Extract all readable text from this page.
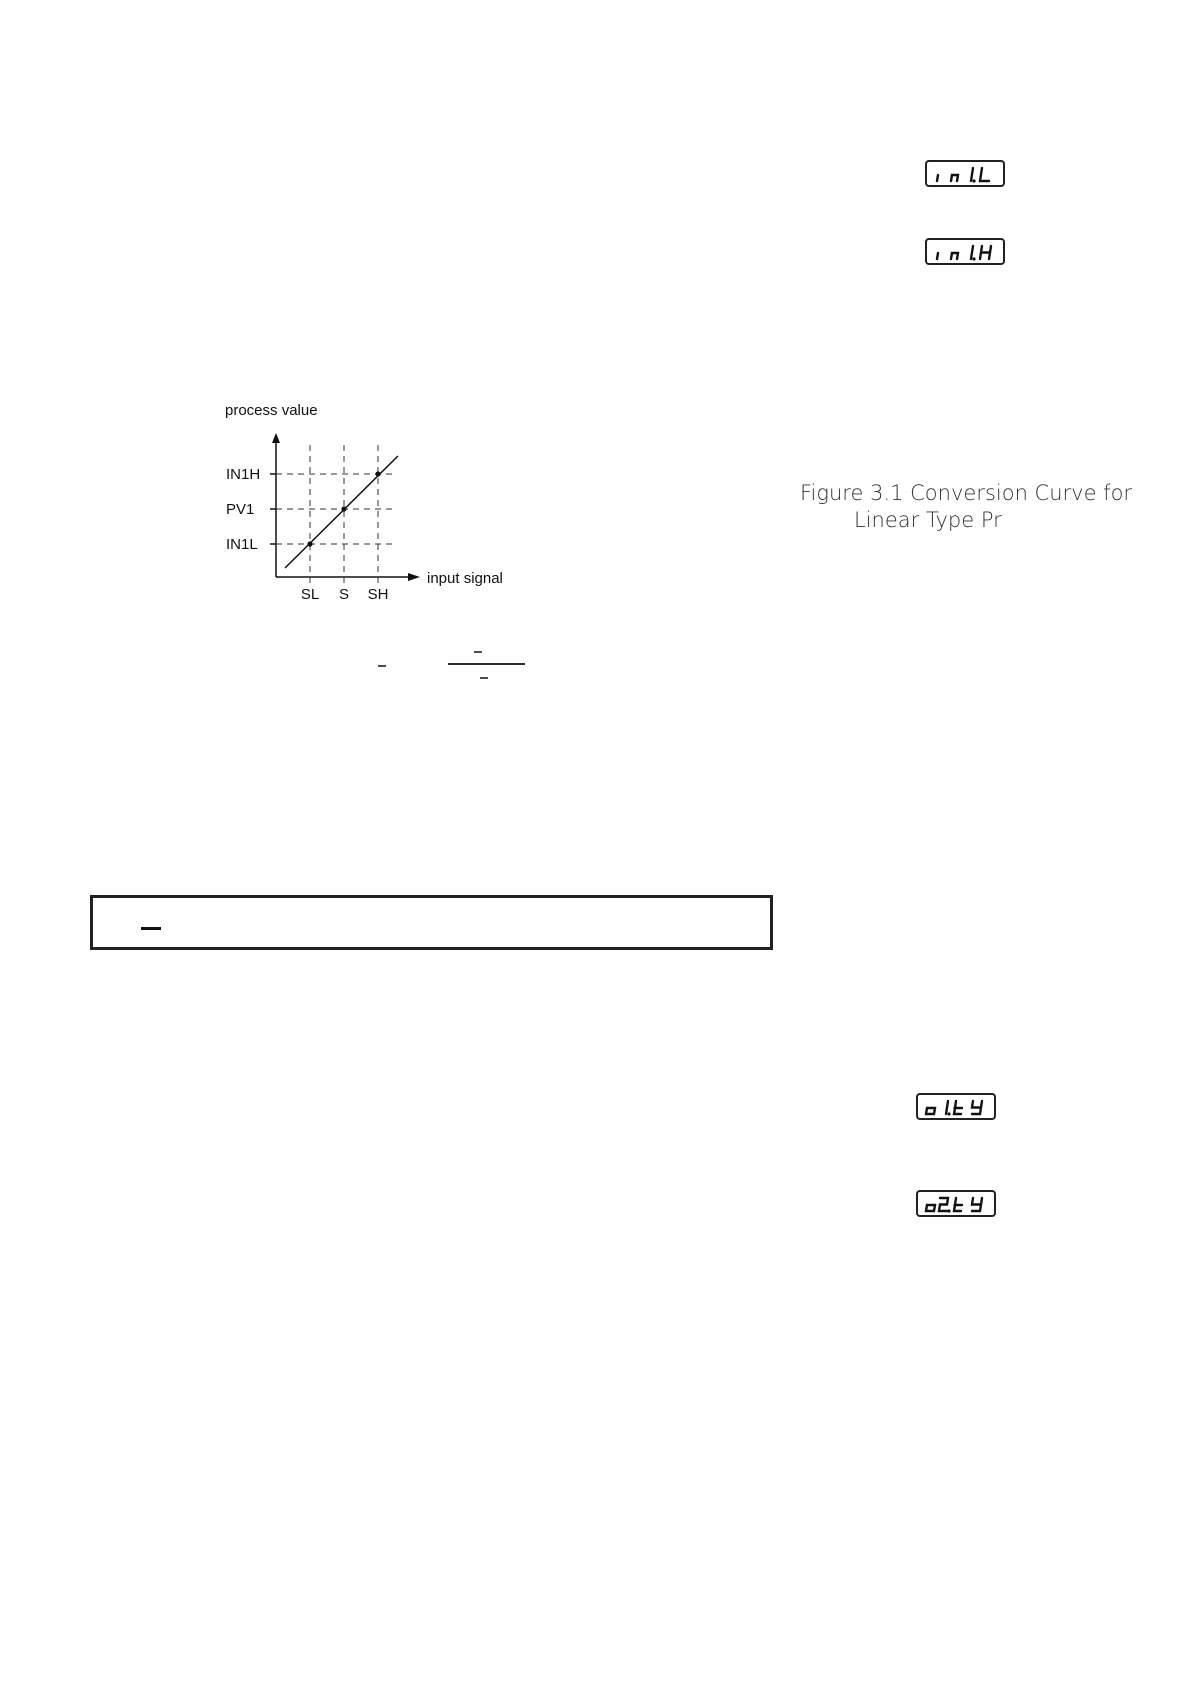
process value
input signal
IN1H
PV1
IN1L
SL S SH
Figure 3.1 Conversion Curve for
Linear Type Pr
